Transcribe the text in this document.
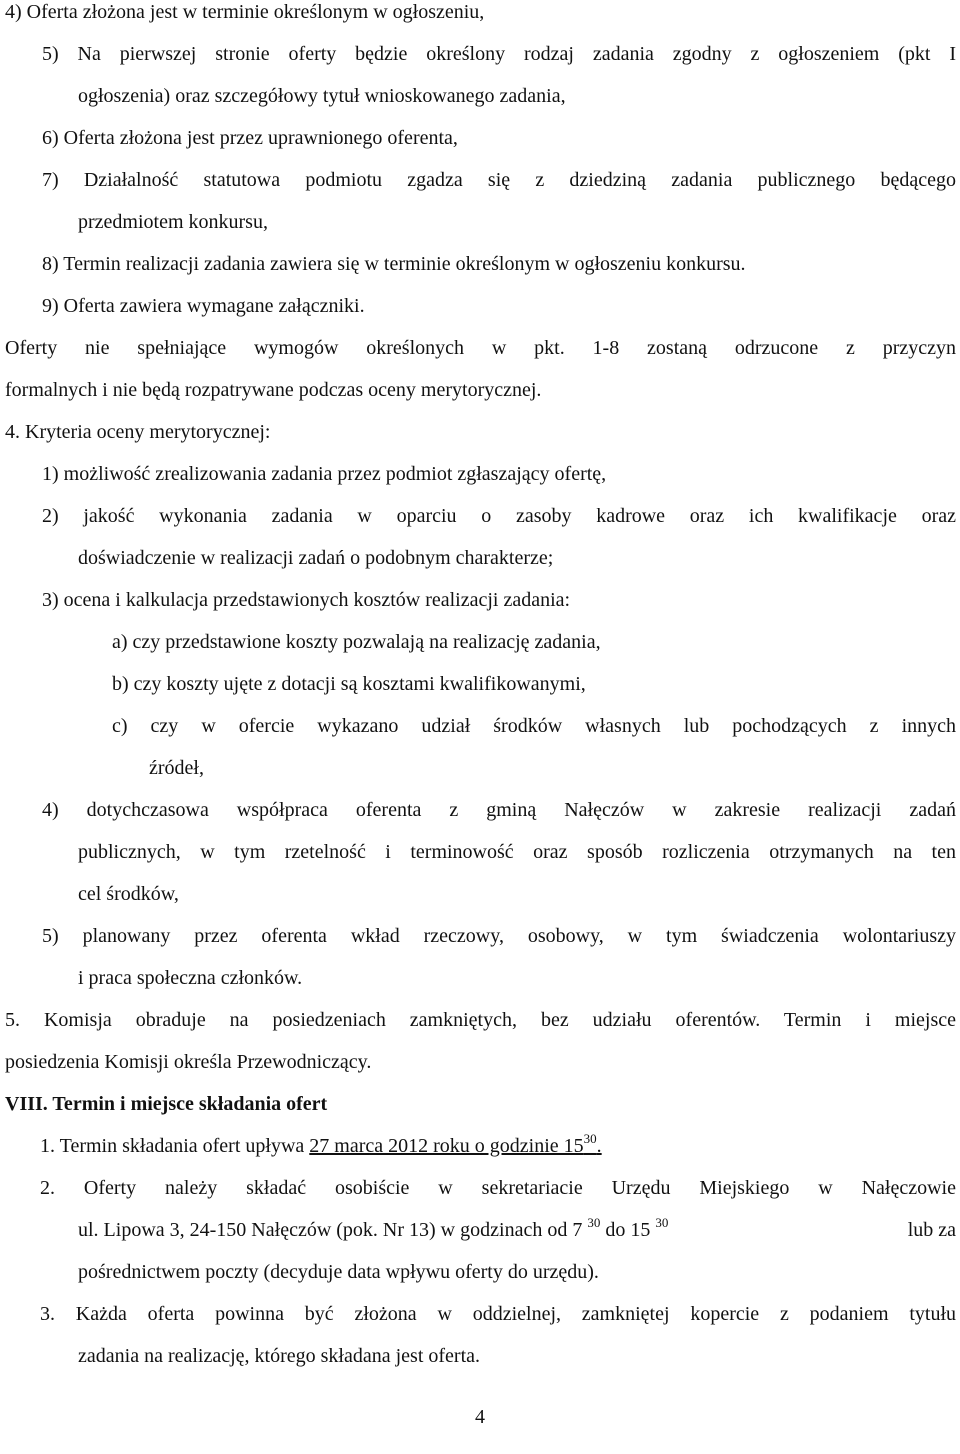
4) Oferta złożona jest w terminie określonym w ogłoszeniu,
5) Na pierwszej stronie oferty będzie określony rodzaj zadania zgodny z ogłoszeniem (pkt I
ogłoszenia) oraz szczegółowy tytuł wnioskowanego zadania,
6) Oferta złożona jest przez uprawnionego oferenta,
7) Działalność statutowa podmiotu zgadza się z dziedziną zadania publicznego będącego
przedmiotem konkursu,
8) Termin realizacji zadania zawiera się w terminie określonym w ogłoszeniu konkursu.
9) Oferta zawiera wymagane załączniki.
Oferty nie spełniające wymogów określonych w pkt. 1-8 zostaną odrzucone z przyczyn
formalnych i nie będą rozpatrywane podczas oceny merytorycznej.
4. Kryteria oceny merytorycznej:
1) możliwość zrealizowania zadania przez podmiot zgłaszający ofertę,
2) jakość wykonania zadania w oparciu o zasoby kadrowe oraz ich kwalifikacje oraz
doświadczenie w realizacji zadań o podobnym charakterze;
3) ocena i kalkulacja przedstawionych kosztów realizacji zadania:
a) czy przedstawione koszty pozwalają na realizację zadania,
b) czy koszty ujęte z dotacji są kosztami kwalifikowanymi,
c) czy w ofercie wykazano udział środków własnych lub pochodzących z innych
źródeł,
4) dotychczasowa współpraca oferenta z gminą Nałęczów w zakresie realizacji zadań
publicznych, w tym rzetelność i terminowość oraz sposób rozliczenia otrzymanych na ten
cel środków,
5) planowany przez oferenta wkład rzeczowy, osobowy, w tym świadczenia wolontariuszy
i praca społeczna członków.
5. Komisja obraduje na posiedzeniach zamkniętych, bez udziału oferentów. Termin i miejsce
posiedzenia Komisji określa Przewodniczący.
VIII. Termin i miejsce składania ofert
1. Termin składania ofert upływa 27 marca 2012 roku o godzinie $15^{30}$.
2. Oferty należy składać osobiście w sekretariacie Urzędu Miejskiego w Nałęczowie
ul. Lipowa 3, 24-150 Nałęczów (pok. Nr 13) w godzinach od 7 $^{30}$ do 15 $^{30}$	lub za
pośrednictwem poczty (decyduje data wpływu oferty do urzędu).
3. Każda oferta powinna być złożona w oddzielnej, zamkniętej kopercie z podaniem tytułu
zadania na realizację, którego składana jest oferta.
4
